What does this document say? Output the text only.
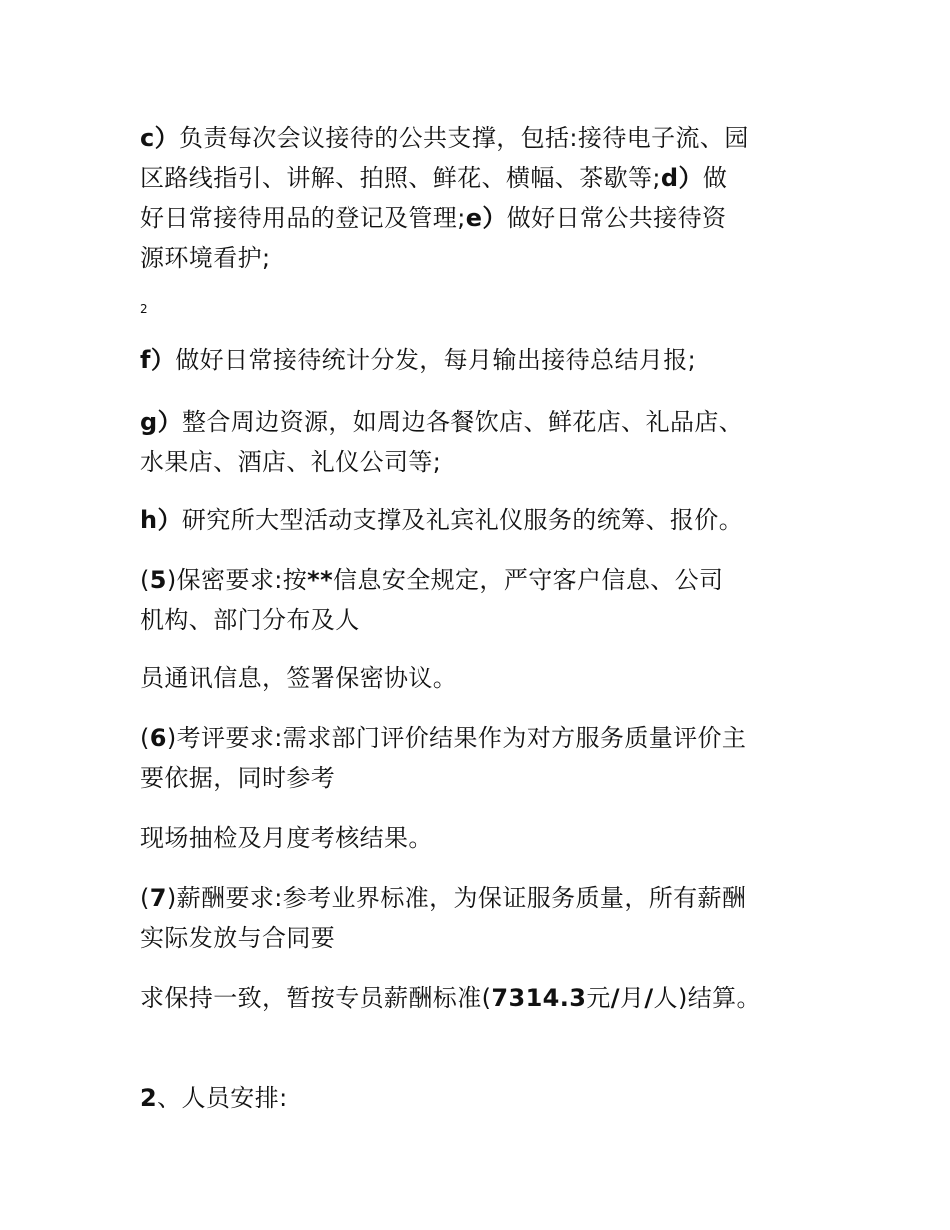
c）负责每次会议接待的公共支撑，包括:接待电子流、园
区路线指引、讲解、拍照、鲜花、横幅、茶歇等;d）做
好日常接待用品的登记及管理;e）做好日常公共接待资
源环境看护;
2
f）做好日常接待统计分发，每月输出接待总结月报;
g）整合周边资源，如周边各餐饮店、鲜花店、礼品店、
水果店、酒店、礼仪公司等;
h）研究所大型活动支撑及礼宾礼仪服务的统筹、报价。
(5)保密要求:按**信息安全规定，严守客户信息、公司
机构、部门分布及人
员通讯信息，签署保密协议。
(6)考评要求:需求部门评价结果作为对方服务质量评价主
要依据，同时参考
现场抽检及月度考核结果。
(7)薪酬要求:参考业界标准，为保证服务质量，所有薪酬
实际发放与合同要
求保持一致，暂按专员薪酬标准(7314.3元/月/人)结算。
2、人员安排:
